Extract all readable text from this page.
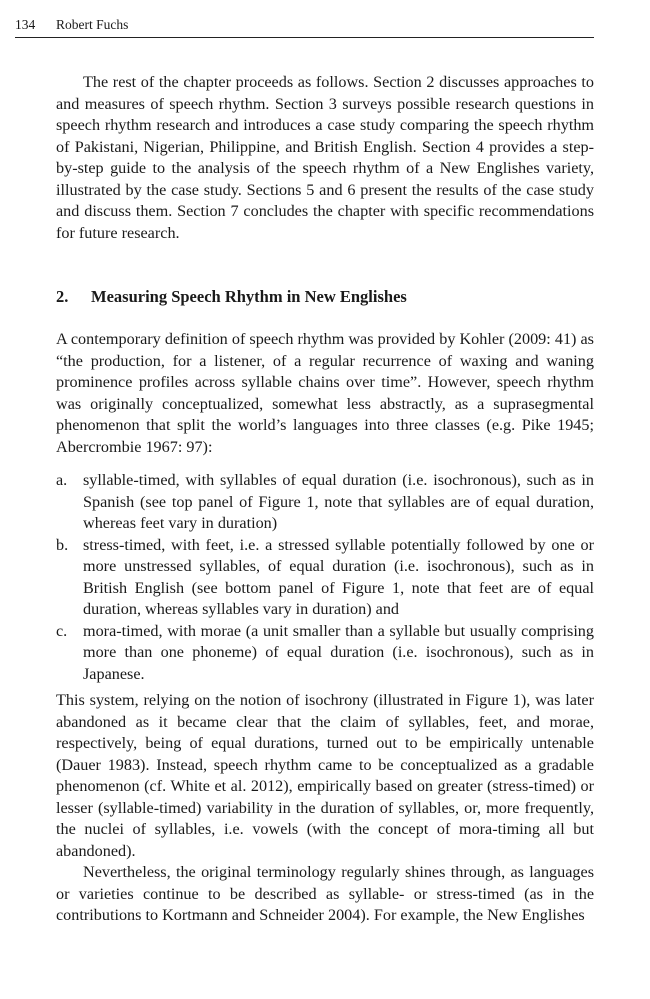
134 Robert Fuchs

The rest of the chapter proceeds as follows. Section 2 discusses approaches to and measures of speech rhythm. Section 3 surveys possible research questions in speech rhythm research and introduces a case study comparing the speech rhythm of Pakistani, Nigerian, Philippine, and British English. Section 4 provides a step-by-step guide to the analysis of the speech rhythm of a New Englishes variety, illustrated by the case study. Sections 5 and 6 present the results of the case study and discuss them. Section 7 concludes the chapter with specific recommendations for future research.

2. Measuring Speech Rhythm in New Englishes

A contemporary definition of speech rhythm was provided by Kohler (2009: 41) as “the production, for a listener, of a regular recurrence of waxing and waning prominence profiles across syllable chains over time”. However, speech rhythm was originally conceptualized, somewhat less abstractly, as a suprasegmental phenomenon that split the world’s languages into three classes (e.g. Pike 1945; Abercrombie 1967: 97):

a. syllable-timed, with syllables of equal duration (i.e. isochronous), such as in Spanish (see top panel of Figure 1, note that syllables are of equal duration, whereas feet vary in duration)

b. stress-timed, with feet, i.e. a stressed syllable potentially followed by one or more unstressed syllables, of equal duration (i.e. isochronous), such as in British English (see bottom panel of Figure 1, note that feet are of equal duration, whereas syllables vary in duration) and

c. mora-timed, with morae (a unit smaller than a syllable but usually comprising more than one phoneme) of equal duration (i.e. isochronous), such as in Japanese.

This system, relying on the notion of isochrony (illustrated in Figure 1), was later abandoned as it became clear that the claim of syllables, feet, and morae, respectively, being of equal durations, turned out to be empirically untenable (Dauer 1983). Instead, speech rhythm came to be conceptualized as a gradable phenomenon (cf. White et al. 2012), empirically based on greater (stress-timed) or lesser (syllable-timed) variability in the duration of syllables, or, more frequently, the nuclei of syllables, i.e. vowels (with the concept of mora-timing all but abandoned).

Nevertheless, the original terminology regularly shines through, as languages or varieties continue to be described as syllable- or stress-timed (as in the contributions to Kortmann and Schneider 2004). For example, the New Englishes
